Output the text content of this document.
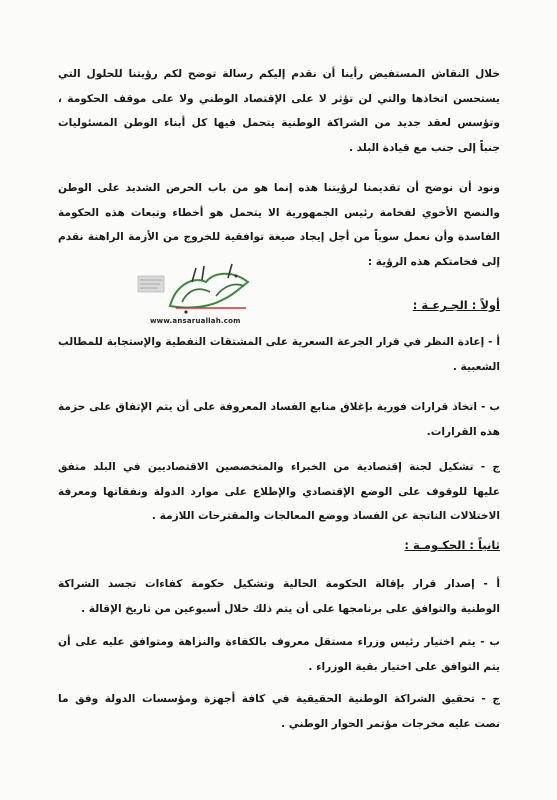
خلال النقاش المستفيض رأينا أن نقدم إليكم رسالة توضح لكم رؤيتنا للحلول التي
يستحسن اتخاذها والتي لن تؤثر لا على الإقتصاد الوطني ولا على موقف الحكومة ،
وتؤسس لعقد جديد من الشراكة الوطنية يتحمل فيها كل أبناء الوطن المسئوليات
جنباً إلى جنب مع قيادة البلد .
ونود أن نوضح أن تقديمنا لرؤيتنا هذه إنما هو من باب الحرص الشديد على الوطن
والنصح الأخوي لفخامة رئيس الجمهورية الا يتحمل هو أخطاء وتبعات هذه الحكومة
الفاسدة وأن نعمل سوياً من أجل إيجاد صيغة توافقية للخروج من الأزمة الراهنة نقدم
إلى فخامتكم هذه الرؤية :
www.ansaruallah.com
أولاً : الجـرعـة :
أ - إعادة النظر في قرار الجرعة السعرية على المشتقات النفطية والإستجابة للمطالب
الشعبية .
ب - اتخاذ قرارات فورية بإغلاق منابع الفساد المعروفة على أن يتم الإتفاق على حزمة
هذه القرارات.
ج - تشكيل لجنة إقتصادية من الخبراء والمتخصصين الاقتصاديين في البلد متفق
عليها للوقوف على الوضع الإقتصادي والإطلاع على موارد الدولة ونفقاتها ومعرفة
الاختلالات الناتجة عن الفساد ووضع المعالجات والمقترحات اللازمة .
ثانياً : الحكـومـة :
أ - إصدار قرار بإقالة الحكومة الحالية وتشكيل حكومة كفاءات تجسد الشراكة
الوطنية والتوافق على برنامجها على أن يتم ذلك خلال أسبوعين من تاريخ الإقالة .
ب - يتم اختيار رئيس وزراء مستقل معروف بالكفاءة والنزاهة ومتوافق عليه على أن
يتم التوافق على اختيار بقية الوزراء .
ج - تحقيق الشراكة الوطنية الحقيقية في كافة أجهزة ومؤسسات الدولة وفق ما
نصت عليه مخرجات مؤتمر الحوار الوطني .
